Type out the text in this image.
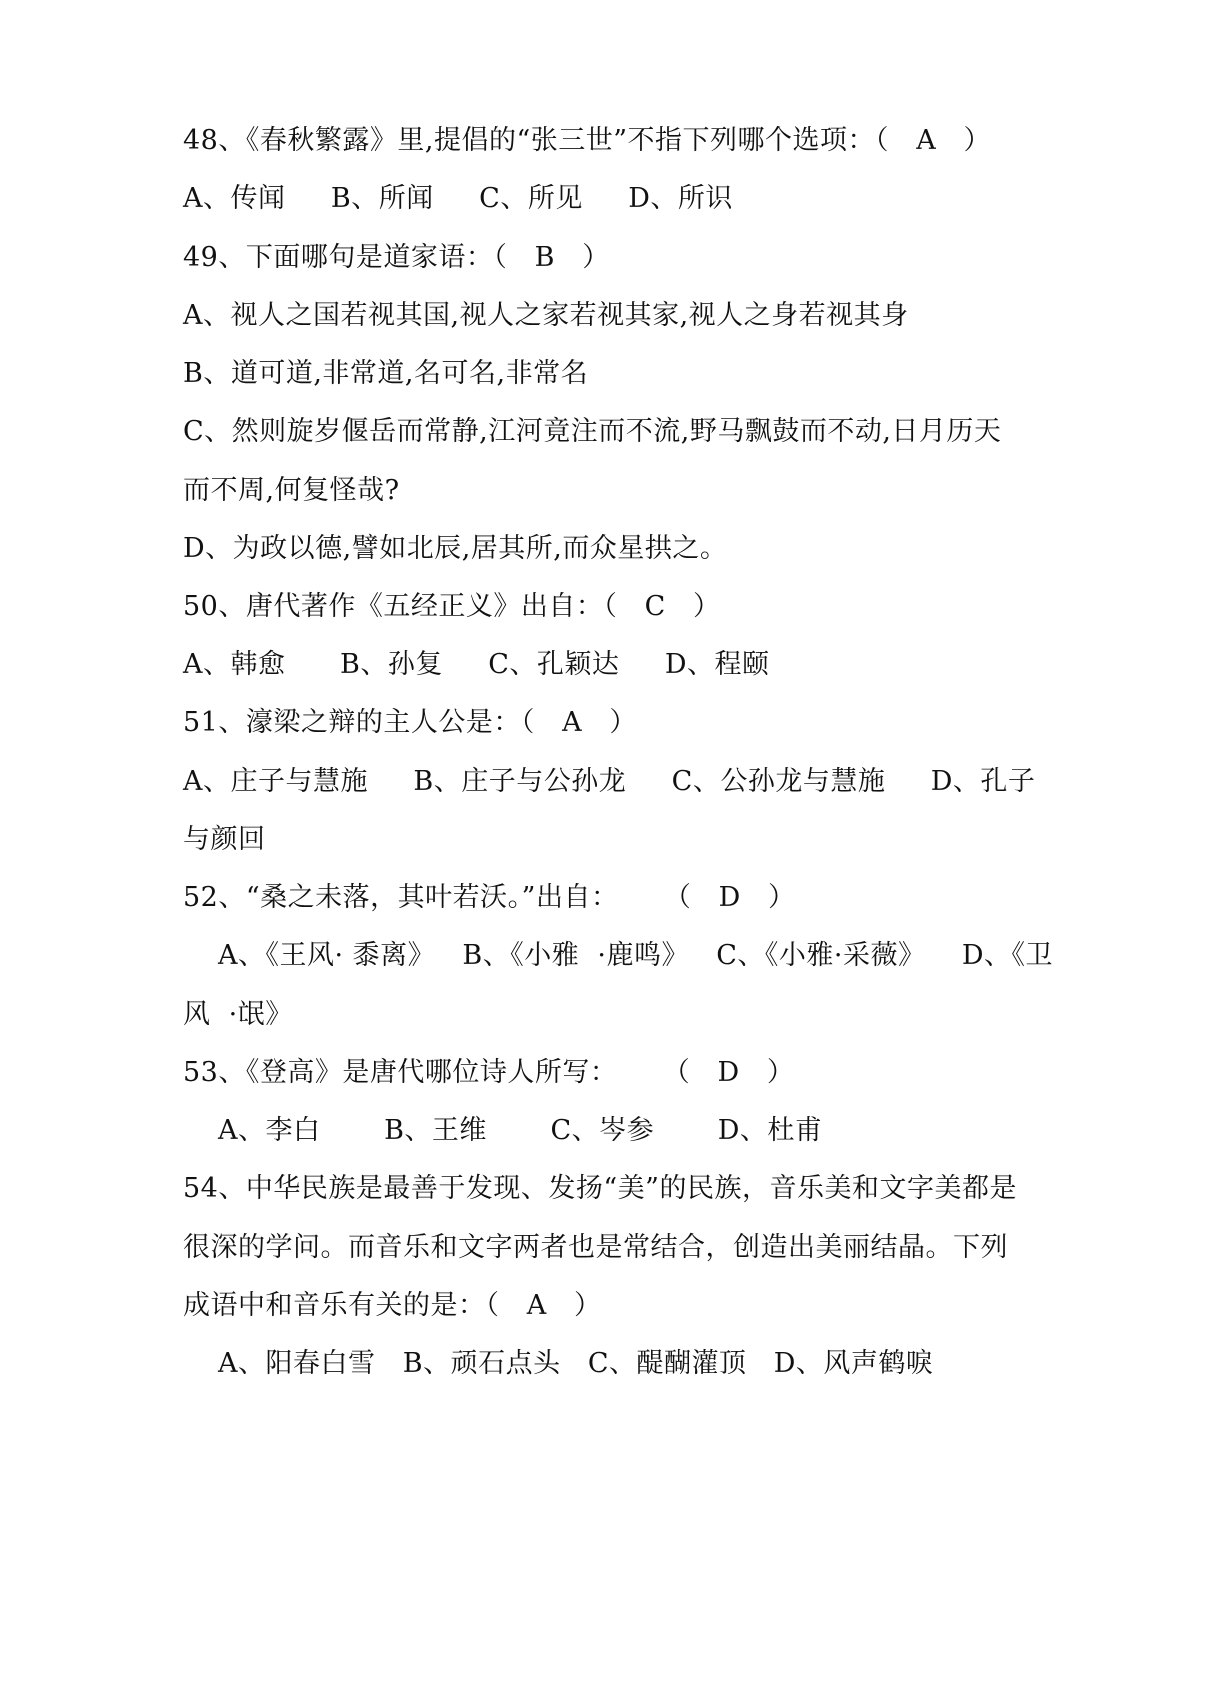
48、《春秋繁露》里,提倡的“张三世”不指下列哪个选项：（   A   ）
A、传闻     B、所闻     C、所见     D、所识
49、下面哪句是道家语：（   B   ）
A、视人之国若视其国,视人之家若视其家,视人之身若视其身
B、道可道,非常道,名可名,非常名
C、然则旋岁偃岳而常静,江河竟注而不流,野马飘鼓而不动,日月历天
而不周,何复怪哉?
D、为政以德,譬如北辰,居其所,而众星拱之。
50、唐代著作《五经正义》出自：（   C   ）
A、韩愈      B、孙复     C、孔颖达     D、程颐
51、濠梁之辩的主人公是：（   A   ）
A、庄子与慧施     B、庄子与公孙龙     C、公孙龙与慧施     D、孔子
与颜回
52、“桑之未落，其叶若沃。”出自：     （   D   ）
A、《王风· 黍离》   B、《小雅  ·鹿鸣》   C、《小雅·采薇》    D、《卫
风  ·氓》
53、《登高》是唐代哪位诗人所写：     （   D   ）
A、李白       B、王维       C、岑参       D、杜甫
54、中华民族是最善于发现、发扬“美”的民族，音乐美和文字美都是
很深的学问。而音乐和文字两者也是常结合，创造出美丽结晶。下列
成语中和音乐有关的是：（   A   ）
A、阳春白雪   B、顽石点头   C、醍醐灌顶   D、风声鹤唳
